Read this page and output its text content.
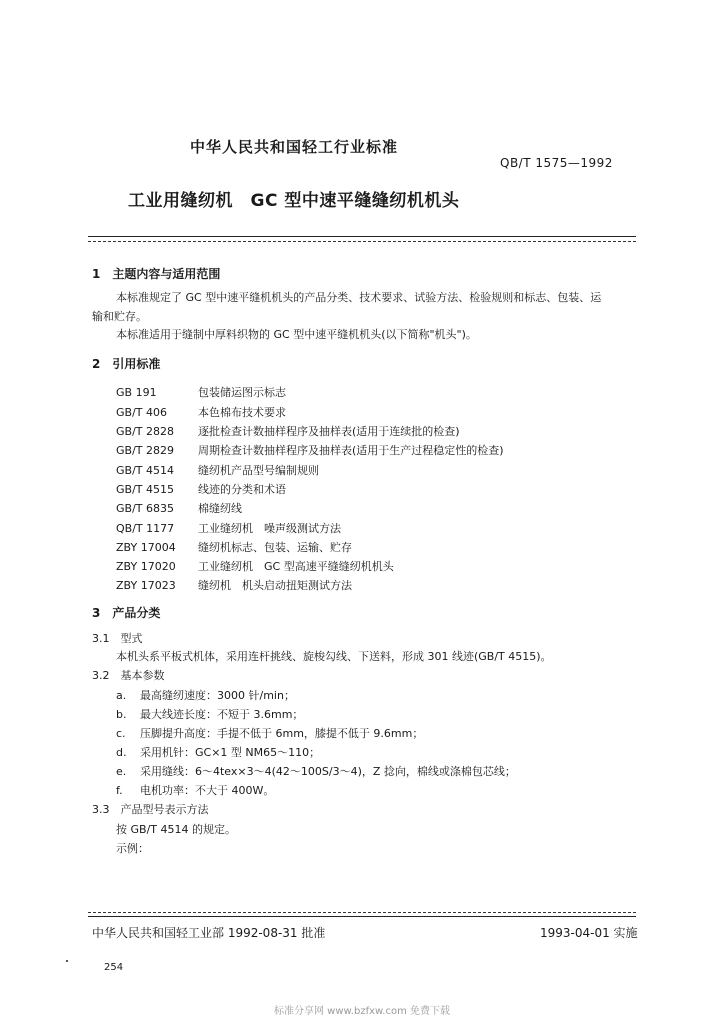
中华人民共和国轻工行业标准
QB/T 1575—1992
工业用缝纫机　GC 型中速平缝缝纫机机头
1　主题内容与适用范围
本标准规定了 GC 型中速平缝机机头的产品分类、技术要求、试验方法、检验规则和标志、包装、运
输和贮存。
本标准适用于缝制中厚料织物的 GC 型中速平缝机机头(以下简称"机头")。
2　引用标准
GB 191	包装储运图示标志
GB/T 406	本色棉布技术要求
GB/T 2828 逐批检查计数抽样程序及抽样表(适用于连续批的检查)
GB/T 2829 周期检查计数抽样程序及抽样表(适用于生产过程稳定性的检查)
GB/T 4514 缝纫机产品型号编制规则
GB/T 4515 线迹的分类和术语
GB/T 6835 棉缝纫线
QB/T 1177 工业缝纫机　噪声级测试方法
ZBY 17004 缝纫机标志、包装、运输、贮存
ZBY 17020 工业缝纫机　GC 型高速平缝缝纫机机头
ZBY 17023 缝纫机　机头启动扭矩测试方法
3　产品分类
3.1　型式
本机头系平板式机体，采用连杆挑线、旋梭勾线、下送料，形成 301 线迹(GB/T 4515)。
3.2　基本参数
a. 最高缝纫速度：3000 针/min；
b. 最大线迹长度：不短于 3.6mm；
c. 压脚提升高度：手提不低于 6mm，膝提不低于 9.6mm；
d. 采用机针：GC×1 型 NM65～110；
e. 采用缝线：6～4tex×3～4(42～100S/3～4)，Z 捻向，棉线或涤棉包芯线；
f. 电机功率：不大于 400W。
3.3　产品型号表示方法
按 GB/T 4514 的规定。
示例：
中华人民共和国轻工业部 1992-08-31 批准	1993-04-01 实施
254
标准分享网 www.bzfxw.com 免费下载
